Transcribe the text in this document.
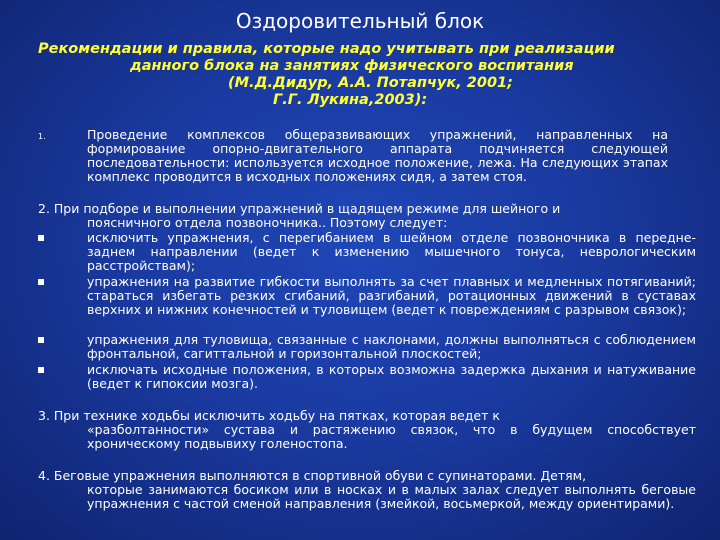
Оздоровительный блок
Рекомендации и правила, которые надо учитывать при реализации
данного блока на занятиях физического воспитания
(М.Д.Дидур, А.А. Потапчук, 2001;
Г.Г. Лукина,2003):
1.	Проведение комплексов общеразвивающих упражнений, направленных на формирование опорно-двигательного аппарата подчиняется следующей последовательности: используется исходное положение, лежа. На следующих этапах комплекс проводится в исходных положениях сидя, а затем стоя.
2. При подборе и выполнении упражнений в щадящем режиме для шейного и
поясничного отдела позвоночника.. Поэтому следует:
исключить упражнения, с перегибанием в шейном отделе позвоночника в передне-заднем направлении (ведет к изменению мышечного тонуса, неврологическим расстройствам);
упражнения на развитие гибкости выполнять за счет плавных и медленных потягиваний; стараться избегать резких сгибаний, разгибаний, ротационных движений в суставах верхних и нижних конечностей и туловищем (ведет к повреждениям с разрывом связок);
упражнения для туловища, связанные с наклонами, должны выполняться с соблюдением фронтальной, сагиттальной и горизонтальной плоскостей;
исключать исходные положения, в которых возможна задержка дыхания и натуживание (ведет к гипоксии мозга).
3. При технике ходьбы исключить ходьбу на пятках, которая ведет к
«разболтанности» сустава и растяжению связок, что в будущем способствует хроническому подвывиху голеностопа.
4. Беговые упражнения выполняются в спортивной обуви с супинаторами. Детям,
которые занимаются босиком или в носках и в малых залах следует выполнять беговые упражнения с частой сменой направления (змейкой, восьмеркой, между ориентирами).
